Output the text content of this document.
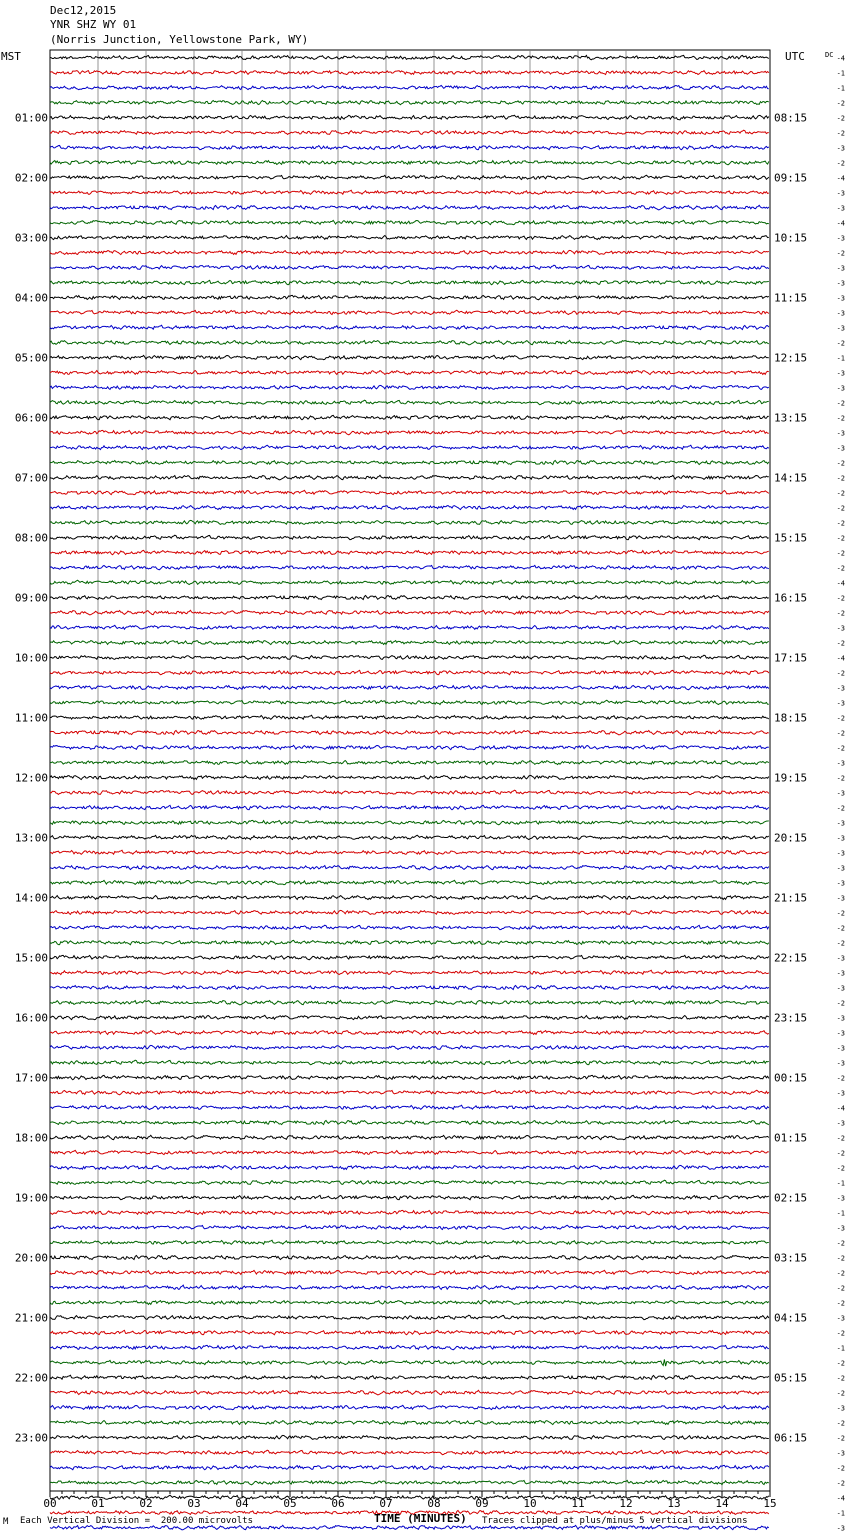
Dec12,2015
YNR SHZ WY 01
(Norris Junction, Yellowstone Park, WY)
MST	UTC
01:00
02:00
03:00
04:00
05:00
06:00
07:00
08:00
09:00
10:00
11:00
12:00
13:00
14:00
15:00
16:00
17:00
18:00
19:00
20:00
21:00
22:00
23:00
08:15
09:15
10:15
11:15
12:15
13:15
14:15
15:15
16:15
17:15
18:15
19:15
20:15
21:15
22:15
23:15
00:15
01:15
02:15
03:15
04:15
05:15
06:15
DC -4
-1
-1
-2
-2
-2
-3
-2
-4
-3
-3
-4
-3
-2
-3
-3
-3
-3
-3
-2
-1
-3
-3
-2
-2
-3
-3
-2
-2
-2
-2
-2
-2
-2
-2
-4
-2
-2
-3
-2
-4
-2
-3
-3
-2
-2
-2
-3
-2
-3
-2
-3
-3
-3
-3
-3
-3
-2
-2
-2
-3
-3
-3
-2
-3
-3
-3
-3
-2
-3
-4
-3
-2
-2
-2
-1
-3
-1
-3
-2
-2
-2
-2
-2
-3
-2
-1
-2
-2
-2
-3
-2
-2
-3
-2
-2
-4
-1
-3
00	01	02	03	04	05	06	07	08	09	10	11	12	13	14	15
M Each Vertical Division =  200.00 microvolts	TIME (MINUTES) Traces clipped at plus/minus 5 vertical divisions
